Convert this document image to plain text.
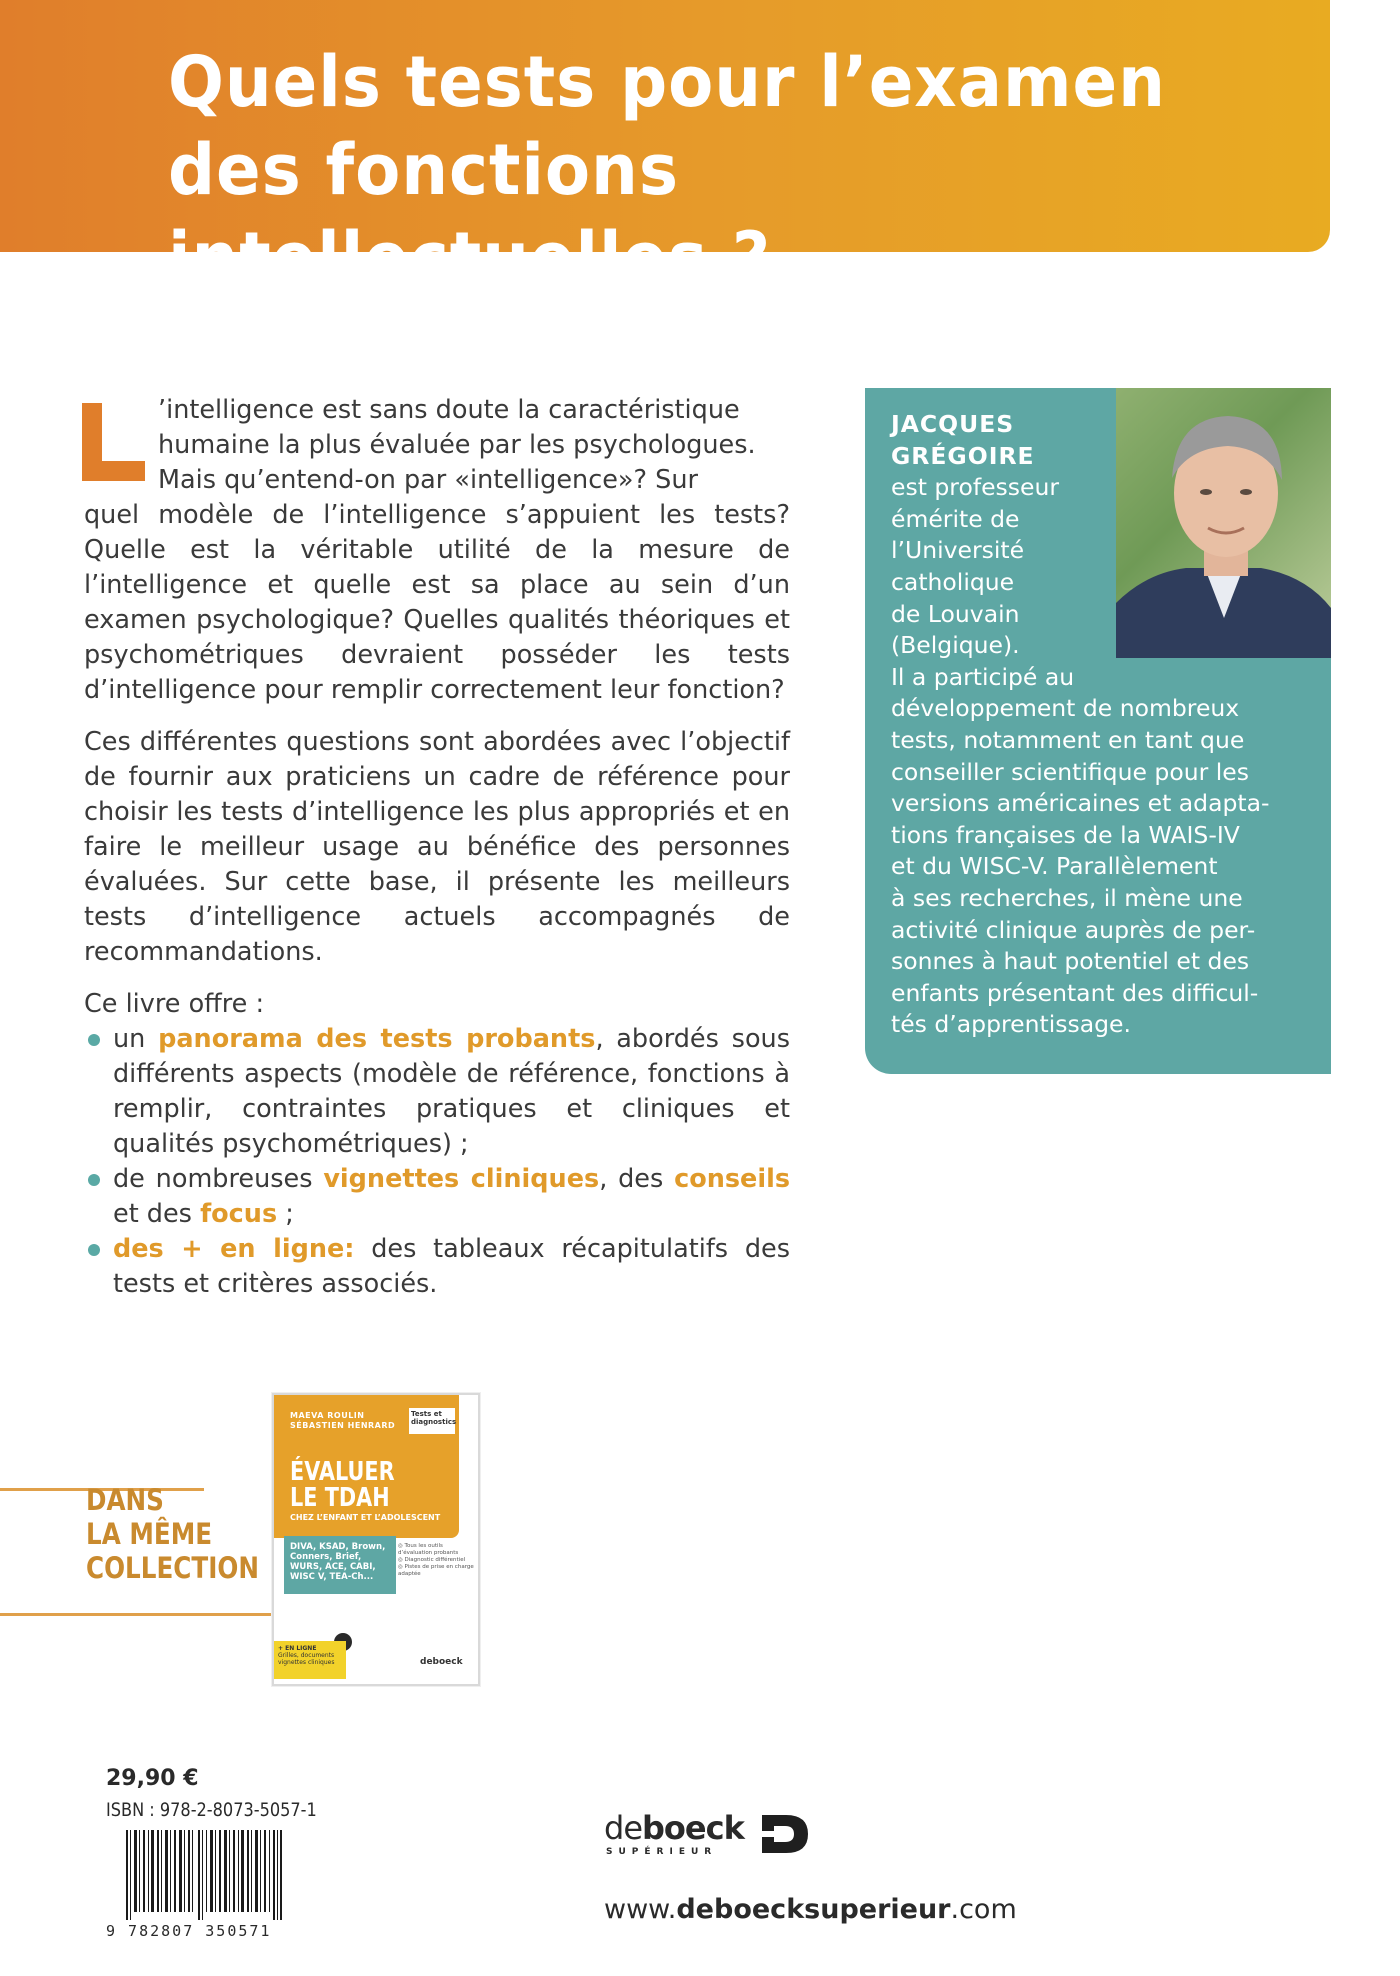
Quels tests pour l’examen
des fonctions intellectuelles ?

’intelligence est sans doute la caractéristique
humaine la plus évaluée par les psychologues.
Mais qu’entend-on par «intelligence»? Sur
quel modèle de l’intelligence s’appuient les tests? Quelle est la véritable utilité de la mesure de l’intelligence et quelle est sa place au sein d’un examen psychologique? Quelles qualités théoriques et psychométriques devraient posséder les tests d’intelligence pour remplir correctement leur fonction?

Ces différentes questions sont abordées avec l’objectif de fournir aux praticiens un cadre de référence pour choisir les tests d’intelligence les plus appropriés et en faire le meilleur usage au bénéfice des personnes évaluées. Sur cette base, il présente les meilleurs tests d’intelligence actuels accompagnés de recommandations.

Ce livre offre :

un panorama des tests probants, abordés sous différents aspects (modèle de référence, fonctions à remplir, contraintes pratiques et cliniques et qualités psychométriques) ;
de nombreuses vignettes cliniques, des conseils et des focus ;
des + en ligne: des tableaux récapitulatifs des tests et critères associés.
JACQUES
GRÉGOIRE
est professeur
émérite de
l’Université
catholique
de Louvain
(Belgique).
Il a participé au
développement de nombreux
tests, notamment en tant que
conseiller scientifique pour les
versions américaines et adapta-
tions françaises de la WAIS-IV
et du WISC-V. Parallèlement
à ses recherches, il mène une
activité clinique auprès de per-
sonnes à haut potentiel et des
enfants présentant des difficul-
tés d’apprentissage.
DANS
LA MÊME
COLLECTION
MAEVA ROULIN
SÉBASTIEN HENRARD
Tests et
diagnostics
ÉVALUER
LE TDAH
CHEZ L’ENFANT ET L’ADOLESCENT
DIVA, KSAD, Brown,
Conners, Brief,
WURS, ACE, CABI,
WISC V, TEA-Ch...
◎ Tous les outils d’évaluation probants
◎ Diagnostic différentiel
◎ Pistes de prise en charge adaptée
+ EN LIGNE
Grilles, documents
vignettes cliniques	deboeck
29,90 €
ISBN : 978-2-8073-5057-1
9 782807 350571
deboeck
SUPÉRIEUR
www.deboecksuperieur.com
